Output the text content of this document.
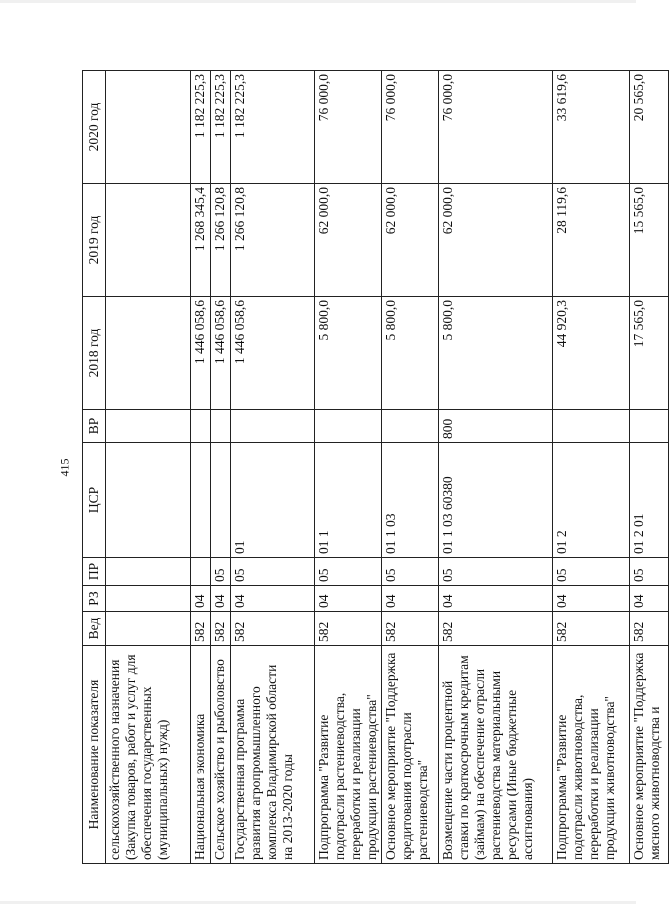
415
Наименование показателя	Вед	РЗ	ПР	ЦСР	ВР	2018 год	2019 год	2020 год
сельскохозяйственного назначения (Закупка товаров, работ и услуг для обеспечения государственных (муниципальных) нужд)								
Национальная экономика	582	04				1 446 058,6	1 268 345,4	1 182 225,3
Сельское хозяйство и рыболовство	582	04	05			1 446 058,6	1 266 120,8	1 182 225,3
Государственная программа развития агропромышленного комплекса Владимирской области на 2013-2020 годы	582	04	05	01		1 446 058,6	1 266 120,8	1 182 225,3
Подпрограмма "Развитие подотрасли растениеводства, переработки и реализации продукции растениеводства"	582	04	05	01 1		5 800,0	62 000,0	76 000,0
Основное мероприятие "Поддержка кредитования подотрасли растениеводства"	582	04	05	01 1 03		5 800,0	62 000,0	76 000,0
Возмещение части процентной ставки по краткосрочным кредитам (займам) на обеспечение отрасли растениеводства материальными ресурсами (Иные бюджетные ассигнования)	582	04	05	01 1 03 60380	800	5 800,0	62 000,0	76 000,0
Подпрограмма "Развитие подотрасли животноводства, переработки и реализации продукции животноводства"	582	04	05	01 2		44 920,3	28 119,6	33 619,6
Основное мероприятие "Поддержка мясного животноводства и	582	04	05	01 2 01		17 565,0	15 565,0	20 565,0
